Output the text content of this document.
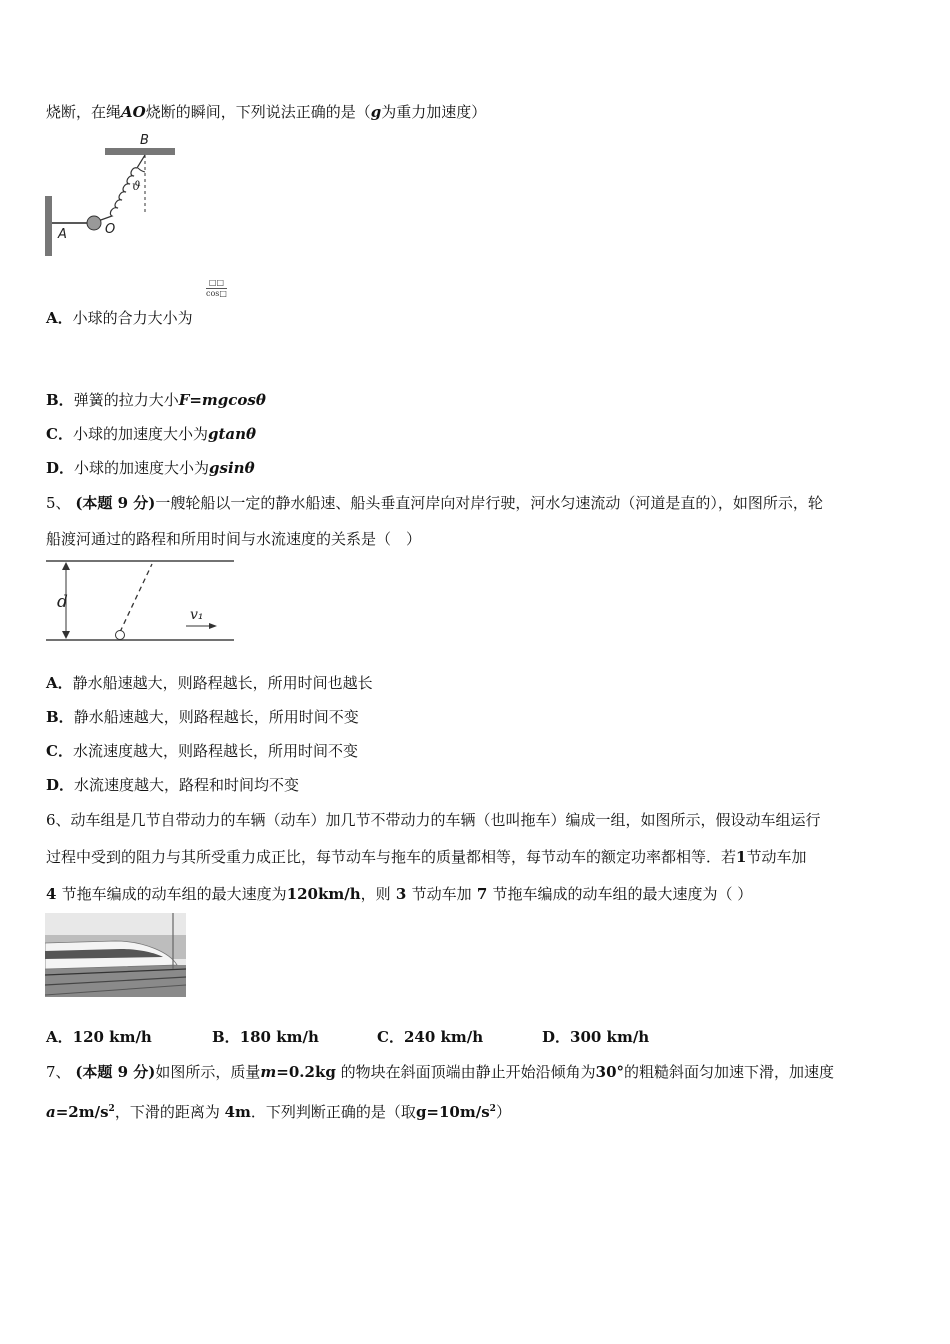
烧断，在绳AO烧断的瞬间，下列说法正确的是（g为重力加速度）
B
A
ϑ
O
□□
cos□
A．小球的合力大小为
B．弹簧的拉力大小F=mgcosθ
C．小球的加速度大小为gtanθ
D．小球的加速度大小为gsinθ
5、 (本题 9 分)一艘轮船以一定的静水船速、船头垂直河岸向对岸行驶，河水匀速流动（河道是直的），如图所示，轮
船渡河通过的路程和所用时间与水流速度的关系是（　）
d
v₁
A．静水船速越大，则路程越长，所用时间也越长
B．静水船速越大，则路程越长，所用时间不变
C．水流速度越大，则路程越长，所用时间不变
D．水流速度越大，路程和时间均不变
6、动车组是几节自带动力的车辆（动车）加几节不带动力的车辆（也叫拖车）编成一组，如图所示，假设动车组运行
过程中受到的阻力与其所受重力成正比，每节动车与拖车的质量都相等，每节动车的额定功率都相等．若1节动车加
4 节拖车编成的动车组的最大速度为120km/h，则 3 节动车加 7 节拖车编成的动车组的最大速度为（ ）
A．120 km/h	B．180 km/h	C．240 km/h	D．300 km/h
7、 (本题 9 分)如图所示，质量m=0.2kg 的物块在斜面顶端由静止开始沿倾角为30°的粗糙斜面匀加速下滑，加速度
$a=2m/s^2$，下滑的距离为 4m．下列判断正确的是（取$g=10m/s^2$）
